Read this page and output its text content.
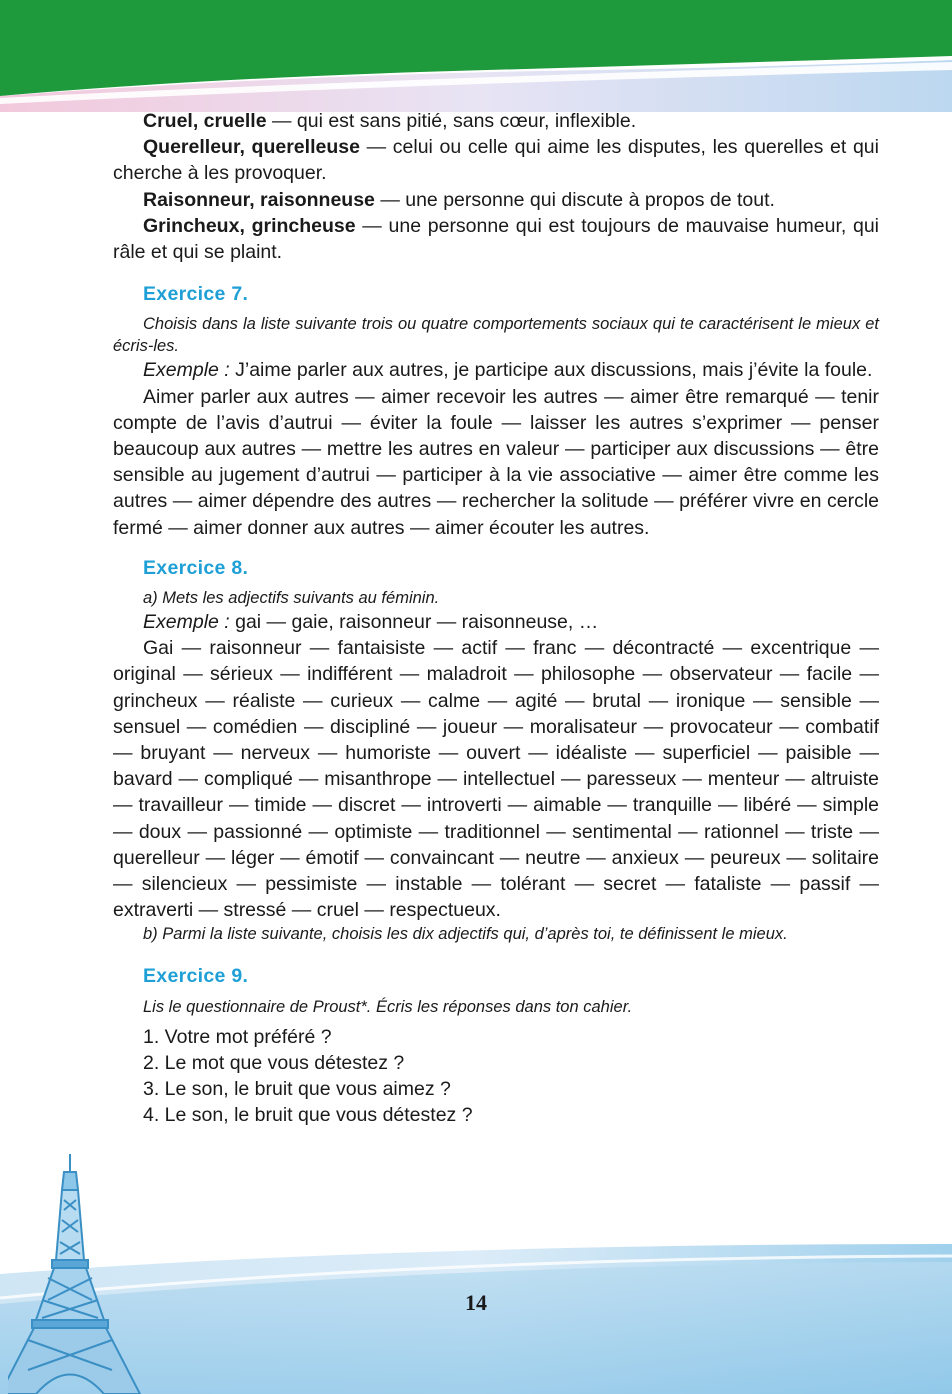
Cruel, cruelle — qui est sans pitié, sans cœur, inflexible.

Querelleur, querelleuse — celui ou celle qui aime les disputes, les querelles et qui cherche à les provoquer.

Raisonneur, raisonneuse — une personne qui discute à propos de tout.

Grincheux, grincheuse — une personne qui est toujours de mauvaise humeur, qui râle et qui se plaint.

Exercice 7.

Choisis dans la liste suivante trois ou quatre comportements sociaux qui te caractérisent le mieux et écris-les.

Exemple : J’aime parler aux autres, je participe aux discussions, mais j’évite la foule.

Aimer parler aux autres — aimer recevoir les autres — aimer être remarqué — tenir compte de l’avis d’autrui — éviter la foule — laisser les autres s’exprimer — penser beaucoup aux autres — mettre les autres en valeur — participer aux discussions — être sensible au jugement d’autrui — participer à la vie associative — aimer être comme les autres — aimer dépendre des autres — rechercher la solitude — préférer vivre en cercle fermé — aimer donner aux autres — aimer écouter les autres.

Exercice 8.

a) Mets les adjectifs suivants au féminin.

Exemple : gai — gaie, raisonneur — raisonneuse, …

Gai — raisonneur — fantaisiste — actif — franc — décontracté — excentrique — original — sérieux — indifférent — maladroit — philosophe — observateur — facile — grincheux — réaliste — curieux — calme — agité — brutal — ironique — sensible — sensuel — comédien — discipliné — joueur — moralisateur — provocateur — combatif — bruyant — nerveux — humoriste — ouvert — idéaliste — superficiel — paisible — bavard — compliqué — misanthrope — intellectuel — paresseux — menteur — altruiste — travailleur — timide — discret — introverti — aimable — tranquille — libéré — simple — doux — passionné — optimiste — traditionnel — sentimental — rationnel — triste — querelleur — léger — émotif — convaincant — neutre — anxieux — peureux — solitaire — silencieux — pessimiste — instable — tolérant — secret — fataliste — passif — extraverti — stressé — cruel — respectueux.

b) Parmi la liste suivante, choisis les dix adjectifs qui, d’après toi, te définissent le mieux.

Exercice 9.

Lis le questionnaire de Proust*. Écris les réponses dans ton cahier.

1. Votre mot préféré ?
2. Le mot que vous détestez ?
3. Le son, le bruit que vous aimez ?
4. Le son, le bruit que vous détestez ?
14
